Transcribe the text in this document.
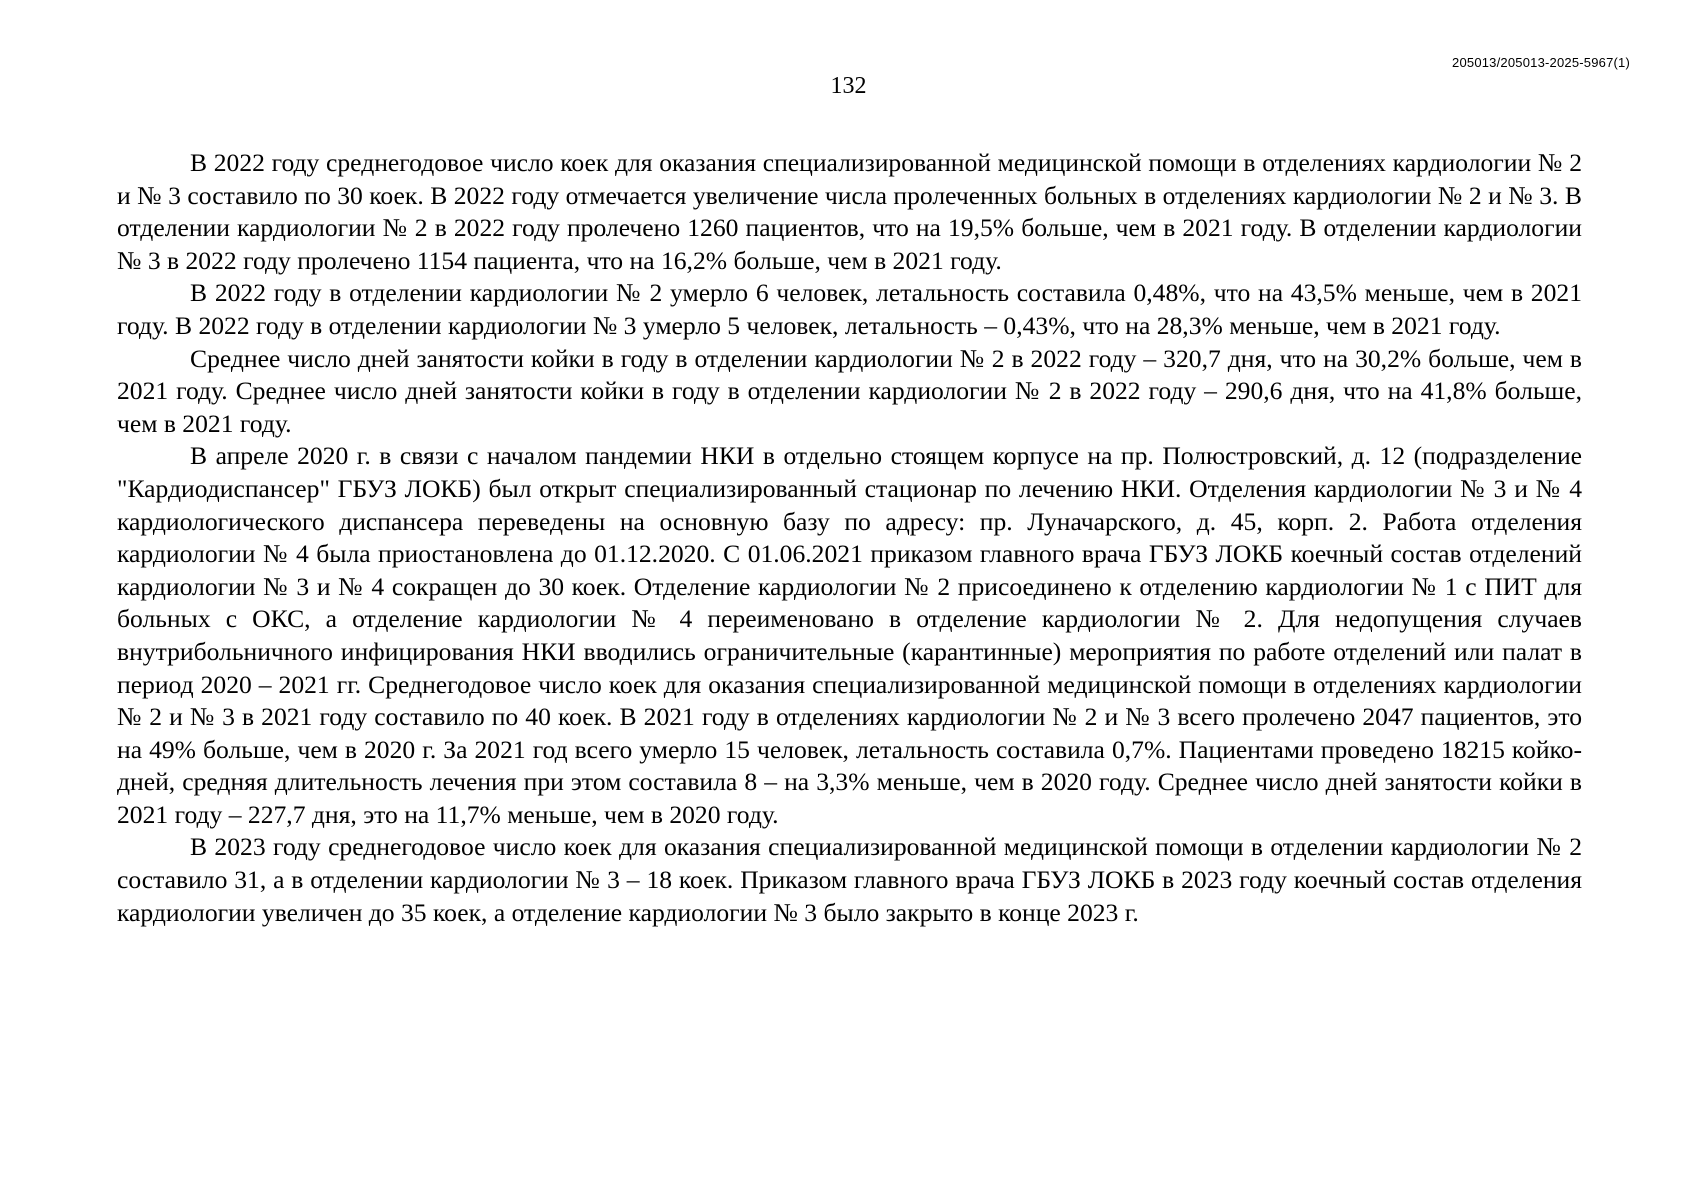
205013/205013-2025-5967(1)
132

В 2022 году среднегодовое число коек для оказания специализированной медицинской помощи в отделениях кардиологии № 2 и № 3 составило по 30 коек. В 2022 году отмечается увеличение числа пролеченных больных в отделениях кардиологии № 2 и № 3. В отделении кардиологии № 2 в 2022 году пролечено 1260 пациентов, что на 19,5% больше, чем в 2021 году. В отделении кардиологии № 3 в 2022 году пролечено 1154 пациента, что на 16,2% больше, чем в 2021 году.

В 2022 году в отделении кардиологии № 2 умерло 6 человек, летальность составила 0,48%, что на 43,5% меньше, чем в 2021 году. В 2022 году в отделении кардиологии № 3 умерло 5 человек, летальность – 0,43%, что на 28,3% меньше, чем в 2021 году.

Среднее число дней занятости койки в году в отделении кардиологии № 2 в 2022 году – 320,7 дня, что на 30,2% больше, чем в 2021 году. Среднее число дней занятости койки в году в отделении кардиологии № 2 в 2022 году – 290,6 дня, что на 41,8% больше, чем в 2021 году.

В апреле 2020 г. в связи с началом пандемии НКИ в отдельно стоящем корпусе на пр. Полюстровский, д. 12 (подразделение "Кардиодиспансер" ГБУЗ ЛОКБ) был открыт специализированный стационар по лечению НКИ. Отделения кардиологии № 3 и № 4 кардиологического диспансера переведены на основную базу по адресу: пр. Луначарского, д. 45, корп. 2. Работа отделения кардиологии № 4 была приостановлена до 01.12.2020. С 01.06.2021 приказом главного врача ГБУЗ ЛОКБ коечный состав отделений кардиологии № 3 и № 4 сокращен до 30 коек. Отделение кардиологии № 2 присоединено к отделению кардиологии № 1 с ПИТ для больных с ОКС, а отделение кардиологии № 4 переименовано в отделение кардиологии № 2. Для недопущения случаев внутрибольничного инфицирования НКИ вводились ограничительные (карантинные) мероприятия по работе отделений или палат в период 2020 – 2021 гг. Среднегодовое число коек для оказания специализированной медицинской помощи в отделениях кардиологии № 2 и № 3 в 2021 году составило по 40 коек. В 2021 году в отделениях кардиологии № 2 и № 3 всего пролечено 2047 пациентов, это на 49% больше, чем в 2020 г. За 2021 год всего умерло 15 человек, летальность составила 0,7%. Пациентами проведено 18215 койко-дней, средняя длительность лечения при этом составила 8 – на 3,3% меньше, чем в 2020 году. Среднее число дней занятости койки в 2021 году – 227,7 дня, это на 11,7% меньше, чем в 2020 году.

В 2023 году среднегодовое число коек для оказания специализированной медицинской помощи в отделении кардиологии № 2 составило 31, а в отделении кардиологии № 3 – 18 коек. Приказом главного врача ГБУЗ ЛОКБ в 2023 году коечный состав отделения кардиологии увеличен до 35 коек, а отделение кардиологии № 3 было закрыто в конце 2023 г.
